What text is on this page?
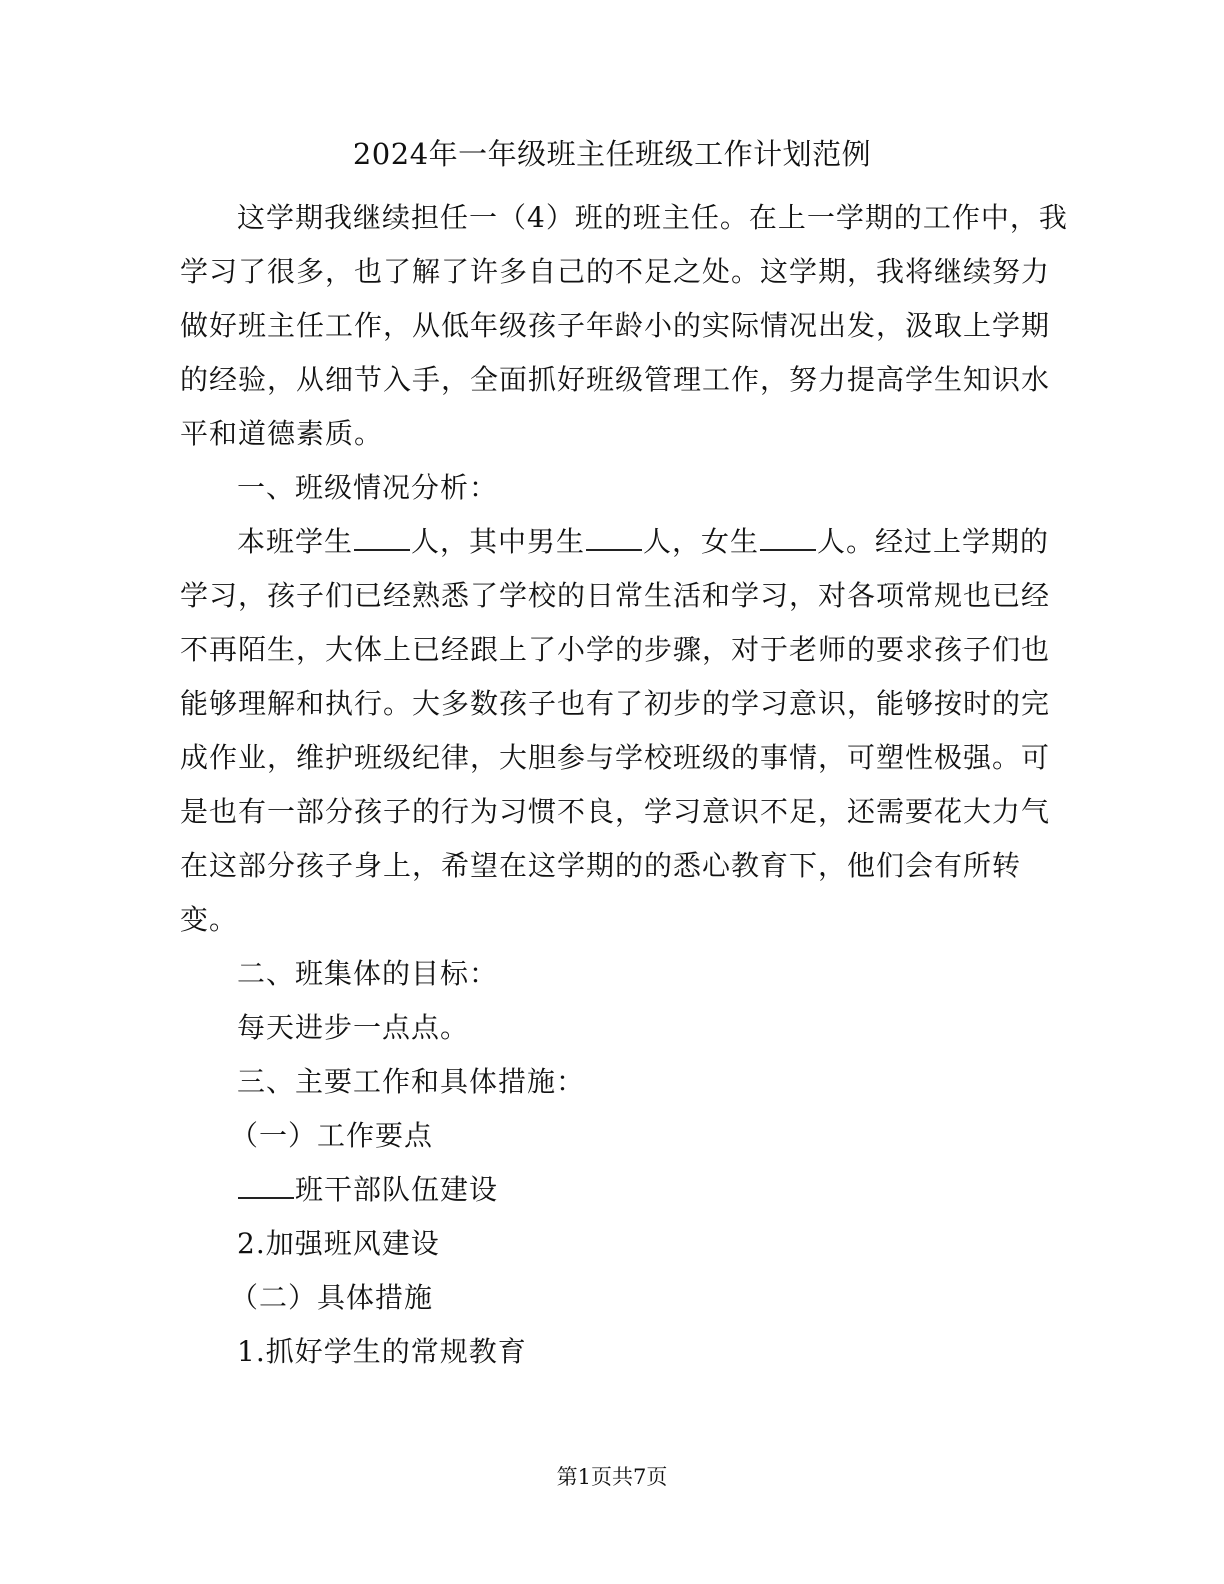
2024年一年级班主任班级工作计划范例
这学期我继续担任一（4）班的班主任。在上一学期的工作中，我
学习了很多，也了解了许多自己的不足之处。这学期，我将继续努力
做好班主任工作，从低年级孩子年龄小的实际情况出发，汲取上学期
的经验，从细节入手，全面抓好班级管理工作，努力提高学生知识水
平和道德素质。
一、班级情况分析：
本班学生 人，其中男生 人，女生 人。经过上学期的
学习，孩子们已经熟悉了学校的日常生活和学习，对各项常规也已经
不再陌生，大体上已经跟上了小学的步骤，对于老师的要求孩子们也
能够理解和执行。大多数孩子也有了初步的学习意识，能够按时的完
成作业，维护班级纪律，大胆参与学校班级的事情，可塑性极强。可
是也有一部分孩子的行为习惯不良，学习意识不足，还需要花大力气
在这部分孩子身上，希望在这学期的的悉心教育下，他们会有所转
变。
二、班集体的目标：
每天进步一点点。
三、主要工作和具体措施：
（一）工作要点
班干部队伍建设
2.加强班风建设
（二）具体措施
1.抓好学生的常规教育
第1页共7页
